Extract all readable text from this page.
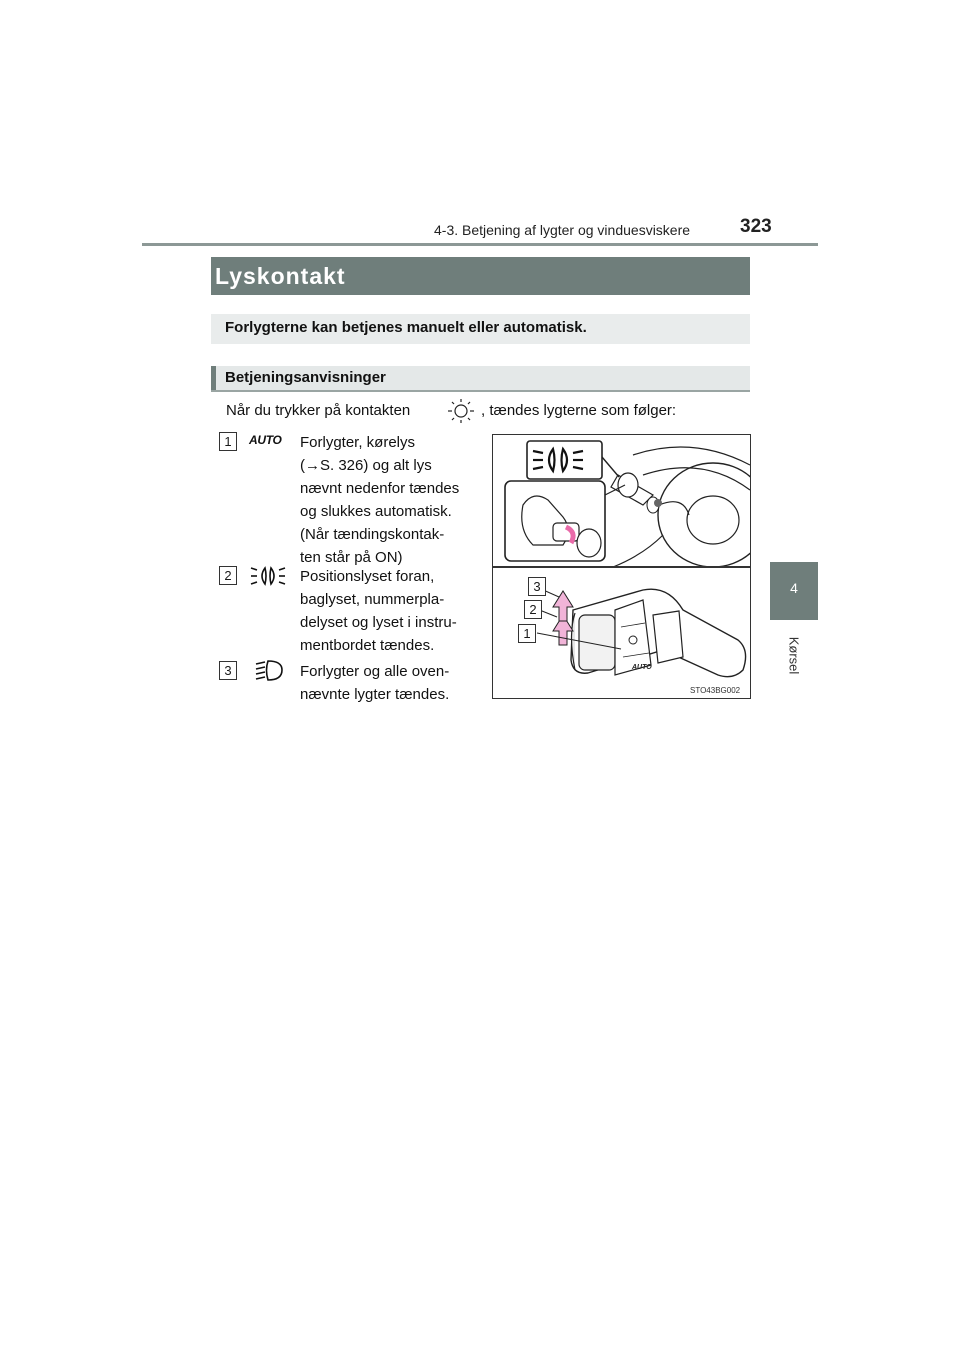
4-3. Betjening af lygter og vinduesviskere	323
4
Kørsel
Lyskontakt
Forlygterne kan betjenes manuelt eller automatisk.
Betjeningsanvisninger
Når du trykker på kontakten	, tændes lygterne som følger:
1	AUTO Forlygter, kørelys

(→S. 326) og alt lys

nævnt nedenfor tændes

og slukkes automatisk.

(Når tændingskontak-

ten står på ON)

2	Positionslyset foran,

baglyset, nummerpla-

delyset og lyset i instru-

mentbordet tændes.

3	Forlygter og alle oven-

nævnte lygter tændes.

3
2
1
AUTO
STO43BG002
